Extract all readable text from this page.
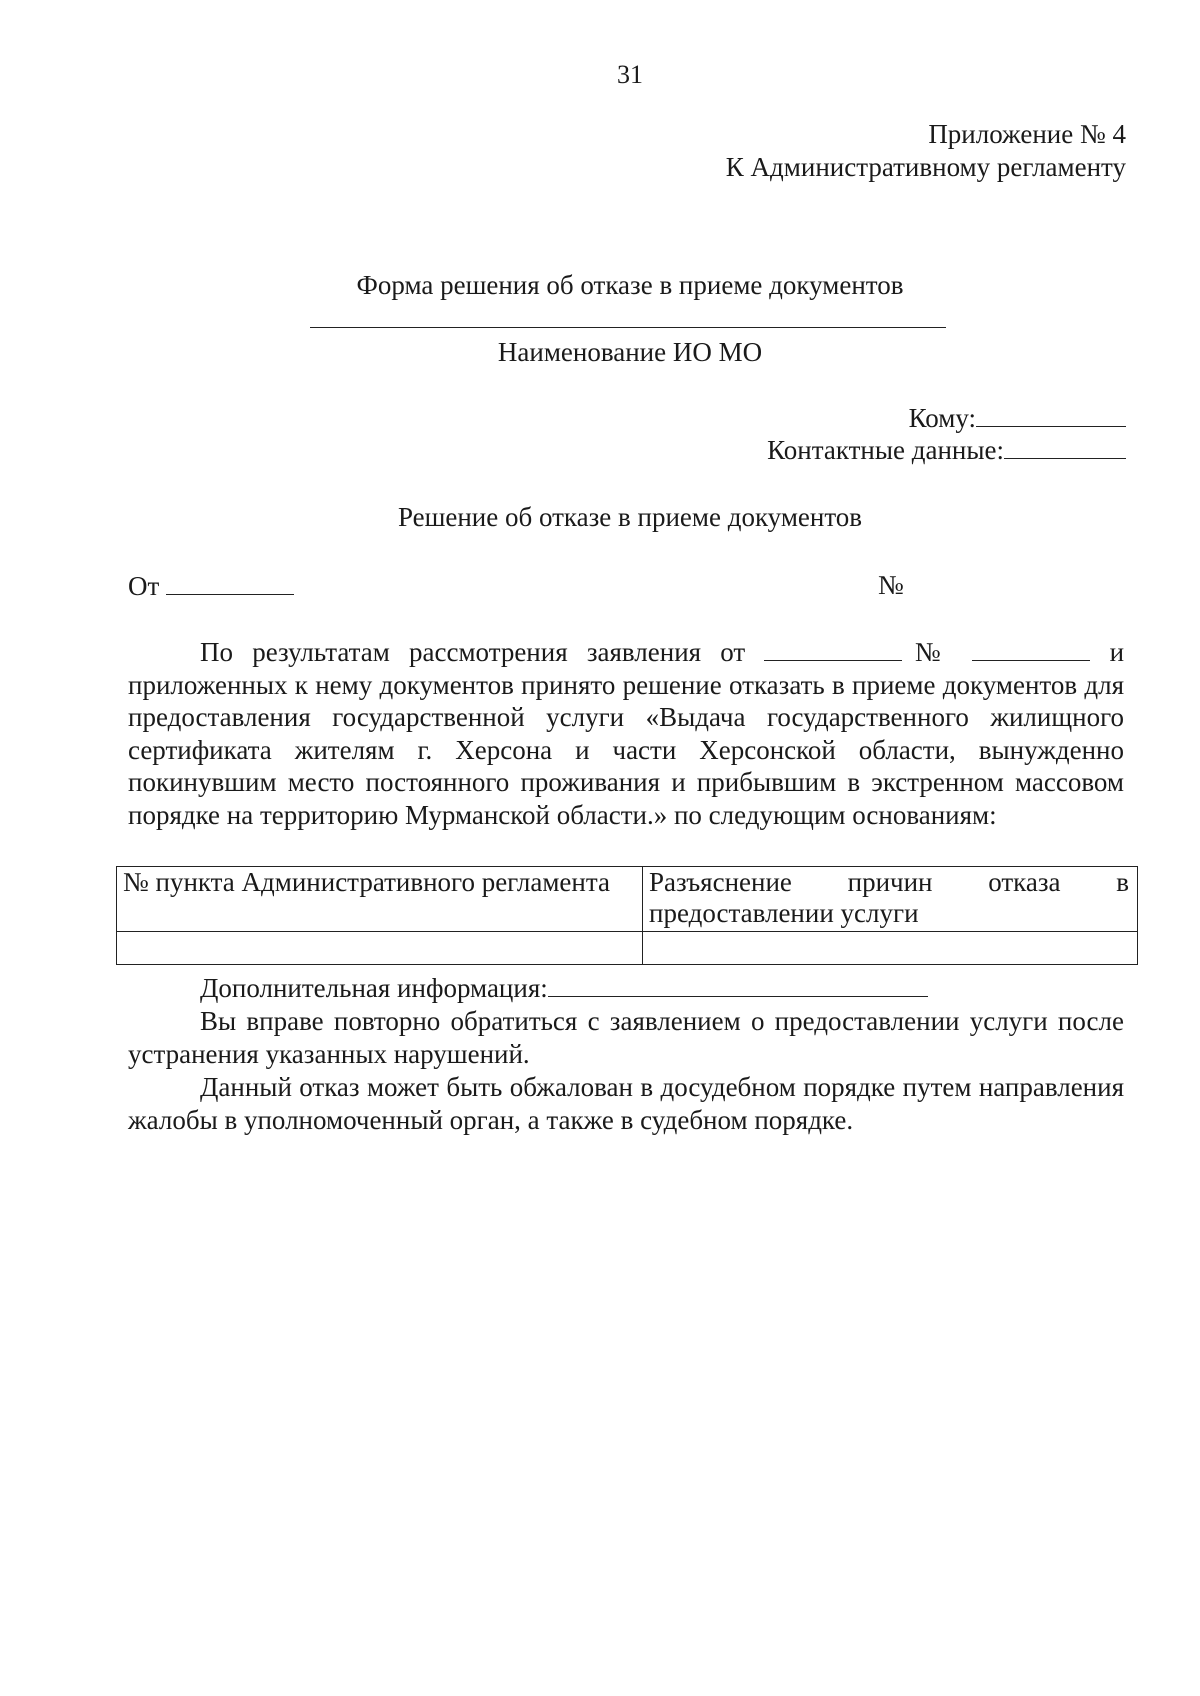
31
Приложение № 4
К Административному регламенту
Форма решения об отказе в приеме документов
Наименование ИО МО
Кому:
Контактные данные:
Решение об отказе в приеме документов
От	№
По результатам рассмотрения заявления от	№	и приложенных к нему документов принято решение отказать в приеме документов для предоставления государственной услуги «Выдача государственного жилищного сертификата жителям г. Херсона и части Херсонской области, вынужденно покинувшим место постоянного проживания и прибывшим в экстренном массовом порядке на территорию Мурманской области.» по следующим основаниям:
№ пункта Административного регламента	Разъяснение причин отказа в предоставлении услуги

Дополнительная информация:

Вы вправе повторно обратиться с заявлением о предоставлении услуги после устранения указанных нарушений.

Данный отказ может быть обжалован в досудебном порядке путем направления жалобы в уполномоченный орган, а также в судебном порядке.
